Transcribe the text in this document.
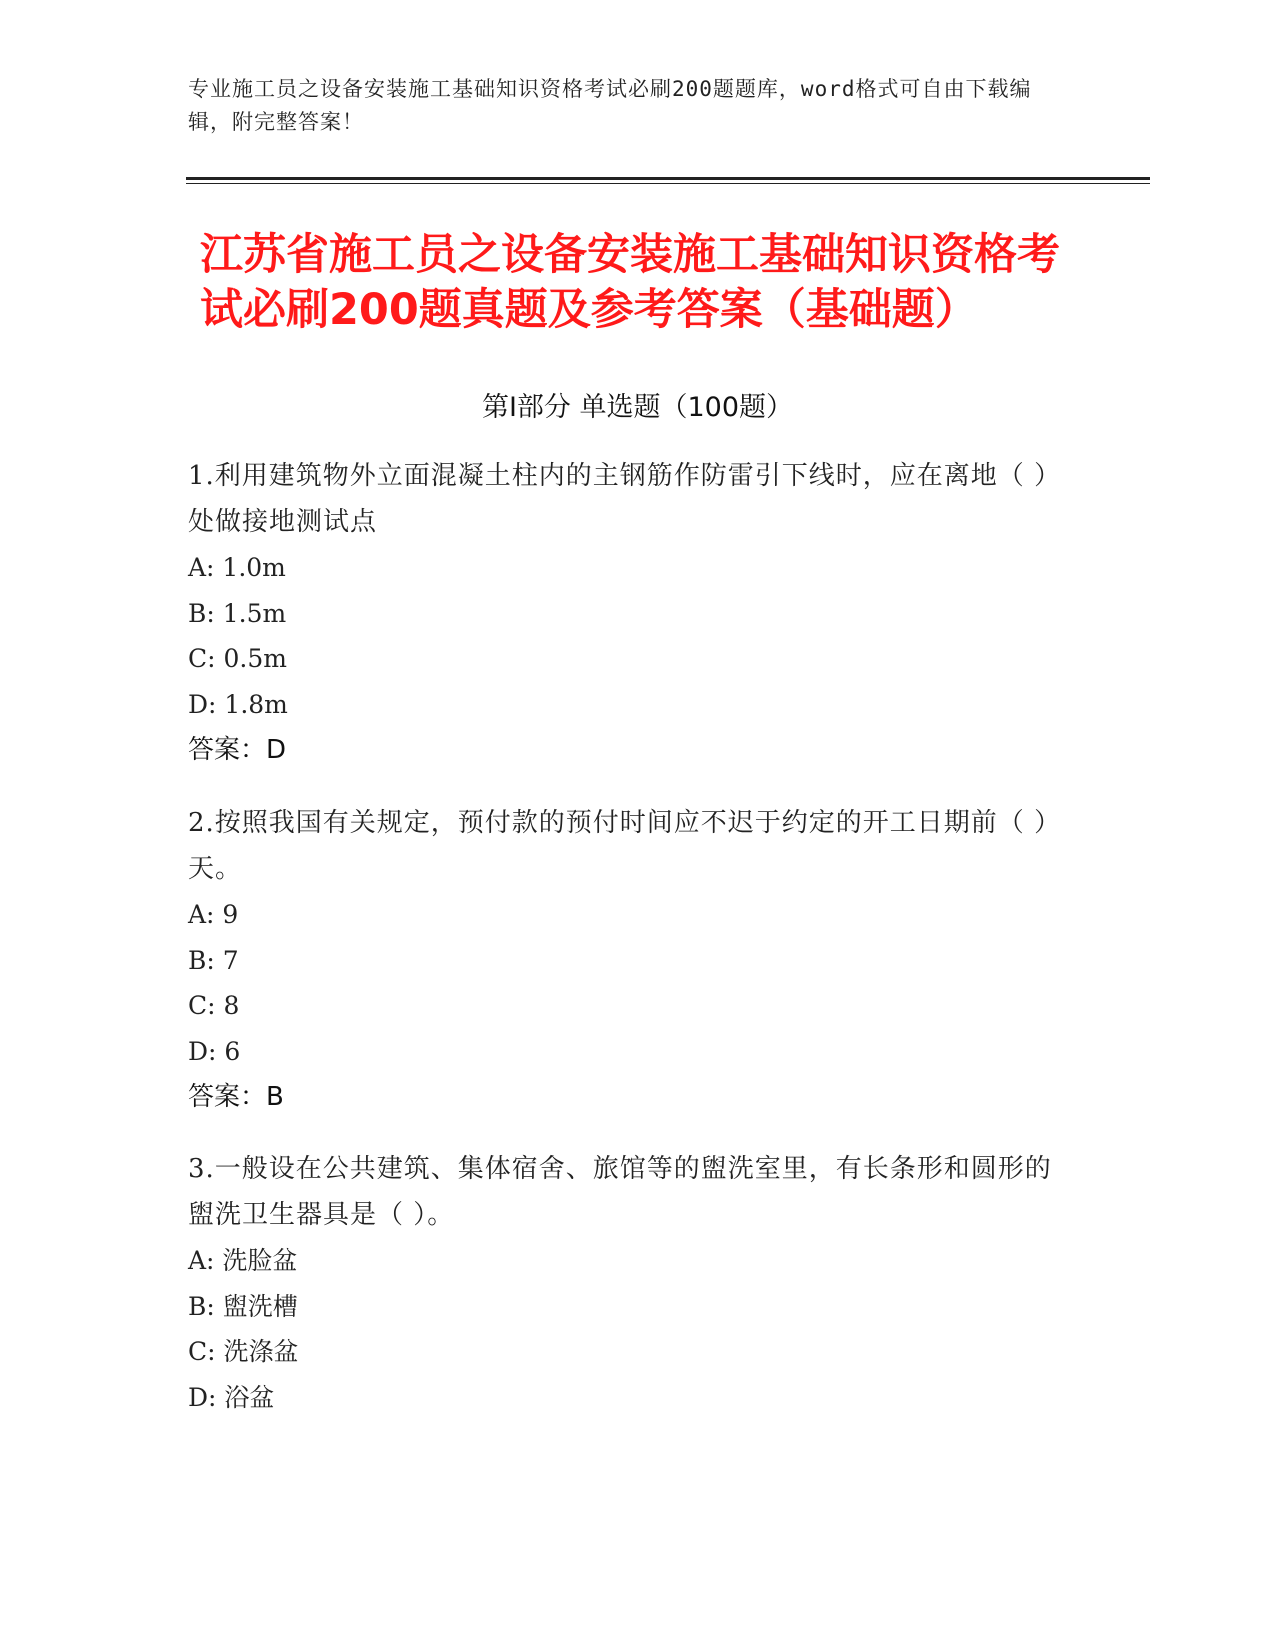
专业施工员之设备安装施工基础知识资格考试必刷200题题库，word格式可自由下载编辑，附完整答案！
江苏省施工员之设备安装施工基础知识资格考试必刷200题真题及参考答案（基础题）
第Ⅰ部分 单选题（100题）
1.利用建筑物外立面混凝土柱内的主钢筋作防雷引下线时，应在离地（ ）处做接地测试点
A: 1.0m
B: 1.5m
C: 0.5m
D: 1.8m
答案：D
2.按照我国有关规定，预付款的预付时间应不迟于约定的开工日期前（ ）天。
A: 9
B: 7
C: 8
D: 6
答案：B
3.一般设在公共建筑、集体宿舍、旅馆等的盥洗室里，有长条形和圆形的盥洗卫生器具是（ ）。
A: 洗脸盆
B: 盥洗槽
C: 洗涤盆
D: 浴盆
